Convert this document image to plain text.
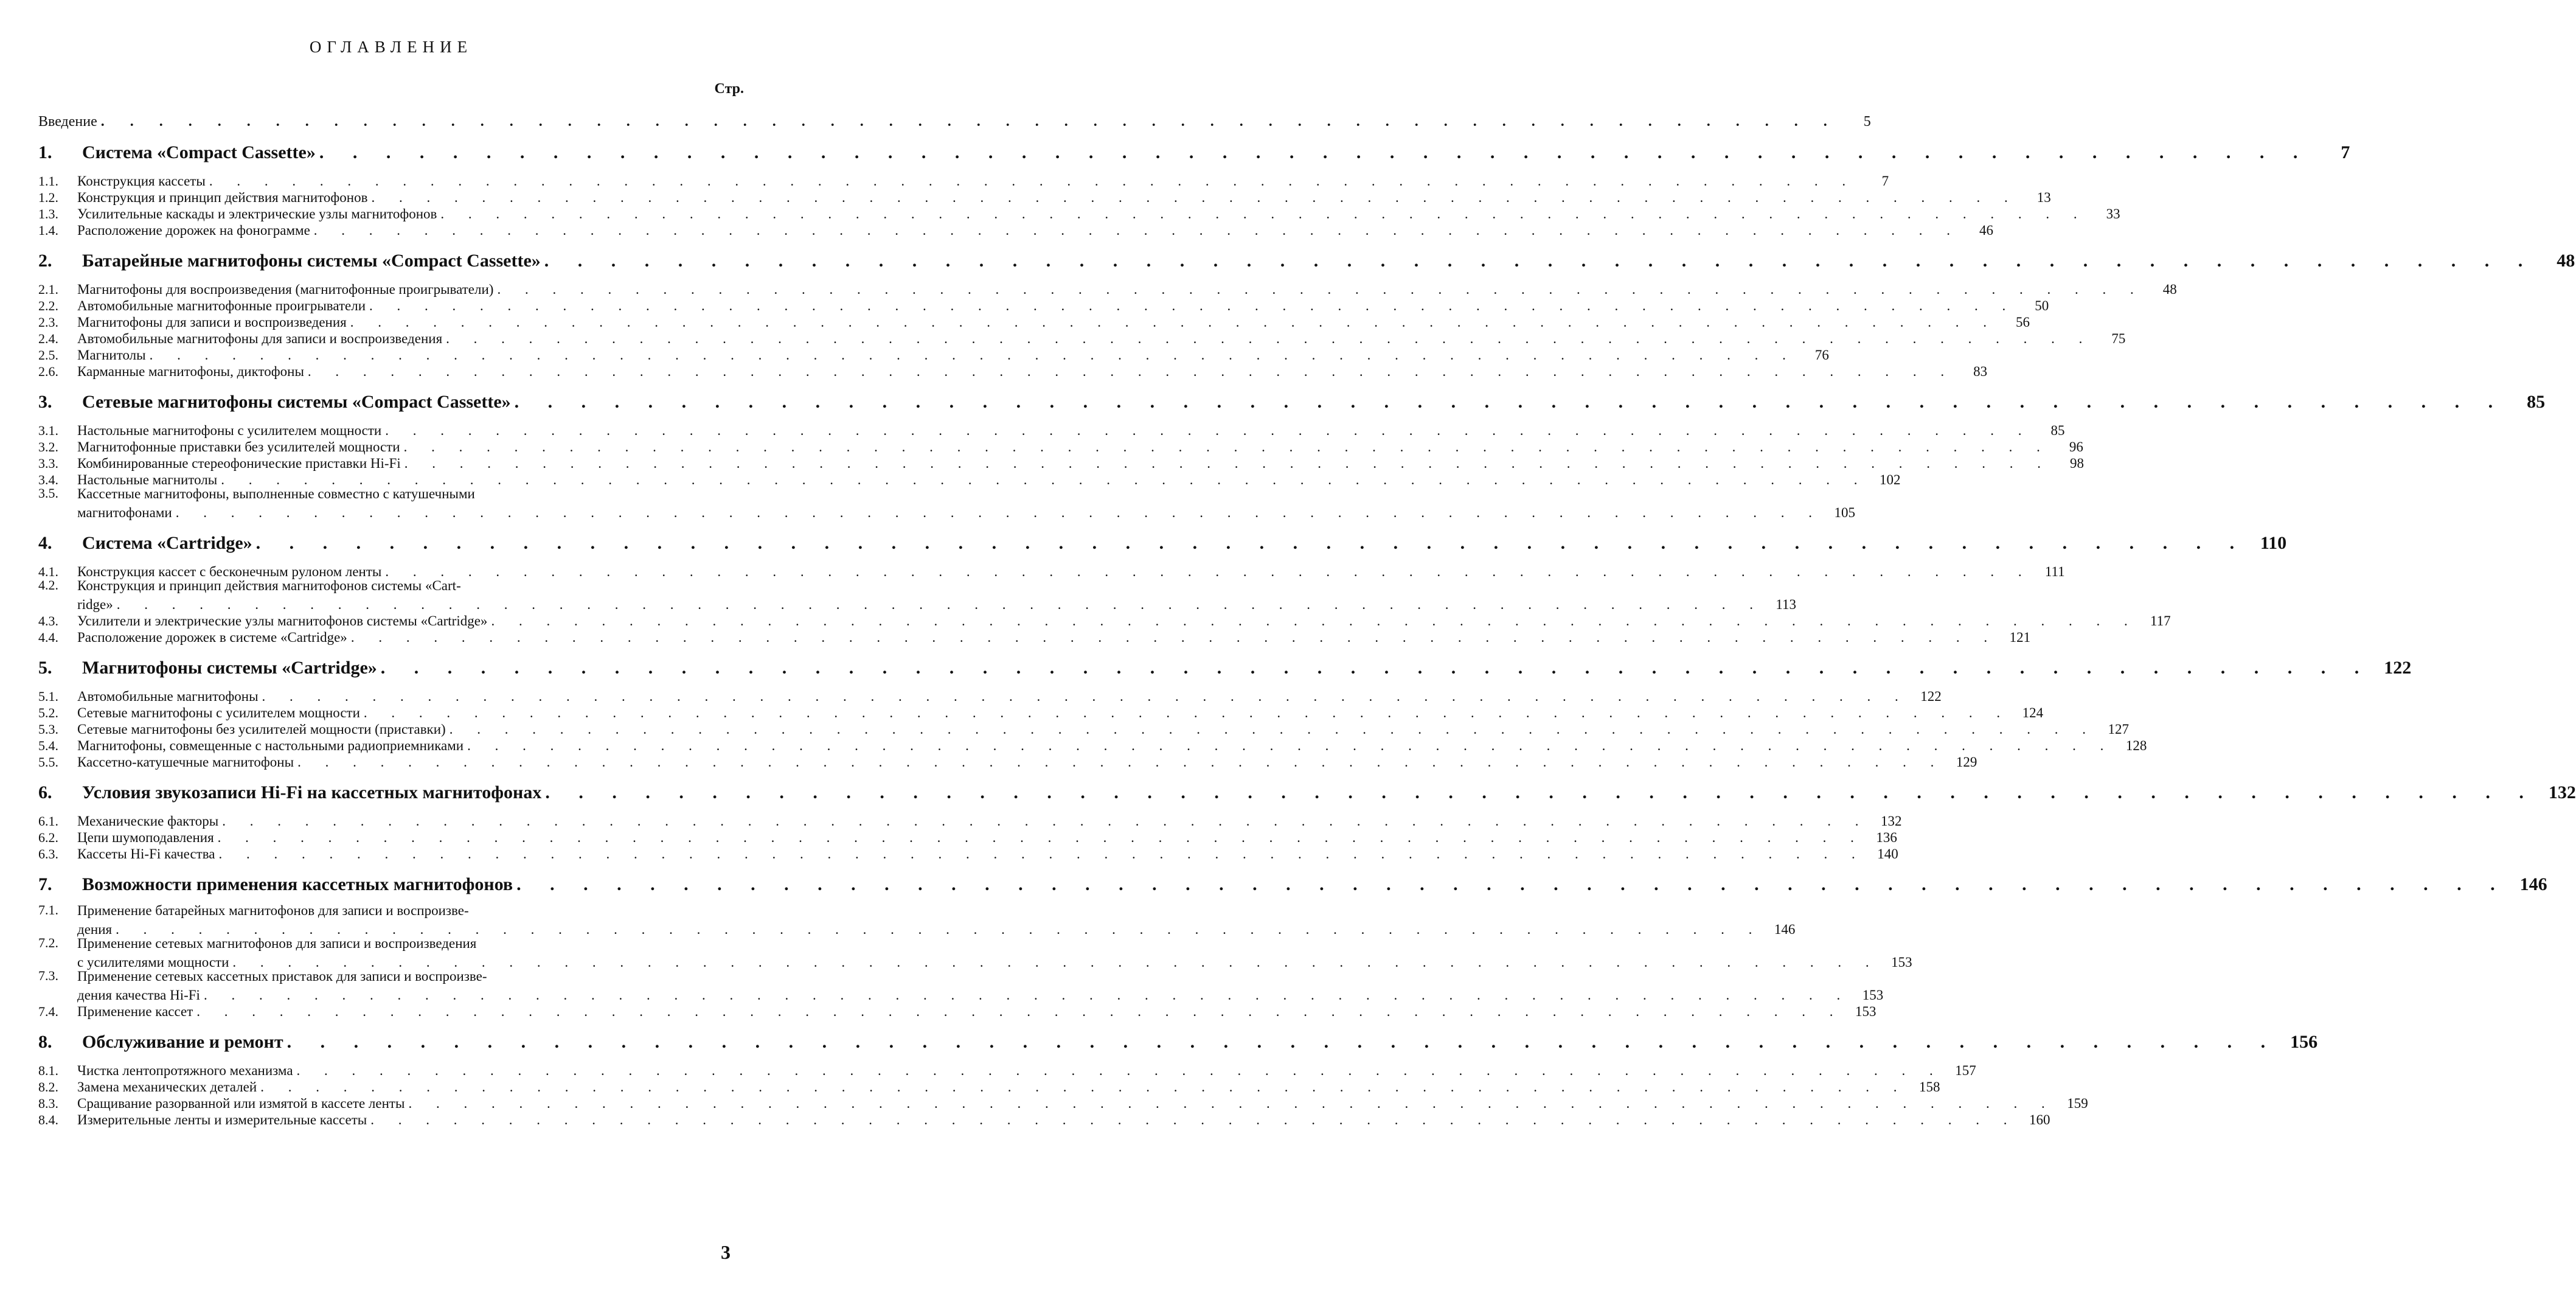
ОГЛАВЛЕНИЕ
Стр.
Введение . . . . . . . . . . . . . . . . . . . . . . . . . . . . . . . . . . . . . . . . . . . . . . . . . . . . . . . . . . . .	5
1.	Система «Compact Cassette» . . . . . . . . . . . . . . . . . . . . . . . . . . . . . . . . . . . . . . . . . . . . . . . . . . . . . . . . . . . .	7
1.1.	Конструкция кассеты . . . . . . . . . . . . . . . . . . . . . . . . . . . . . . . . . . . . . . . . . . . . . . . . . . . . . . . . . . . .	7
1.2.	Конструкция и принцип действия магнитофонов . . . . . . . . . . . . . . . . . . . . . . . . . . . . . . . . . . . . . . . . . . . . . . . . . . . . . . . . . . . .	13
1.3.	Усилительные каскады и электрические узлы магнитофонов . . . . . . . . . . . . . . . . . . . . . . . . . . . . . . . . . . . . . . . . . . . . . . . . . . . . . . . . . . . .	33
1.4.	Расположение дорожек на фонограмме . . . . . . . . . . . . . . . . . . . . . . . . . . . . . . . . . . . . . . . . . . . . . . . . . . . . . . . . . . . .	46
2.	Батарейные магнитофоны системы «Compact Cassette» . . . . . . . . . . . . . . . . . . . . . . . . . . . . . . . . . . . . . . . . . . . . . . . . . . . . . . . . . . . .	48
2.1.	Магнитофоны для воспроизведения (магнитофонные проигрыватели) . . . . . . . . . . . . . . . . . . . . . . . . . . . . . . . . . . . . . . . . . . . . . . . . . . . . . . . . . . . .	48
2.2.	Автомобильные магнитофонные проигрыватели . . . . . . . . . . . . . . . . . . . . . . . . . . . . . . . . . . . . . . . . . . . . . . . . . . . . . . . . . . . .	50
2.3.	Магнитофоны для записи и воспроизведения . . . . . . . . . . . . . . . . . . . . . . . . . . . . . . . . . . . . . . . . . . . . . . . . . . . . . . . . . . . .	56
2.4.	Автомобильные магнитофоны для записи и воспроизведения . . . . . . . . . . . . . . . . . . . . . . . . . . . . . . . . . . . . . . . . . . . . . . . . . . . . . . . . . . . .	75
2.5.	Магнитолы . . . . . . . . . . . . . . . . . . . . . . . . . . . . . . . . . . . . . . . . . . . . . . . . . . . . . . . . . . . .	76
2.6.	Карманные магнитофоны, диктофоны . . . . . . . . . . . . . . . . . . . . . . . . . . . . . . . . . . . . . . . . . . . . . . . . . . . . . . . . . . . .	83
3.	Сетевые магнитофоны системы «Compact Cassette» . . . . . . . . . . . . . . . . . . . . . . . . . . . . . . . . . . . . . . . . . . . . . . . . . . . . . . . . . . . .	85
3.1.	Настольные магнитофоны с усилителем мощности . . . . . . . . . . . . . . . . . . . . . . . . . . . . . . . . . . . . . . . . . . . . . . . . . . . . . . . . . . . .	85
3.2.	Магнитофонные приставки без усилителей мощности . . . . . . . . . . . . . . . . . . . . . . . . . . . . . . . . . . . . . . . . . . . . . . . . . . . . . . . . . . . .	96
3.3.	Комбинированные стереофонические приставки Hi-Fi . . . . . . . . . . . . . . . . . . . . . . . . . . . . . . . . . . . . . . . . . . . . . . . . . . . . . . . . . . . .	98
3.4.	Настольные магнитолы . . . . . . . . . . . . . . . . . . . . . . . . . . . . . . . . . . . . . . . . . . . . . . . . . . . . . . . . . . . . 102
3.5.	Кассетные магнитофоны, выполненные совместно с катушечными
магнитофонами . . . . . . . . . . . . . . . . . . . . . . . . . . . . . . . . . . . . . . . . . . . . . . . . . . . . . . . . . . . . 105
4.	Система «Cartridge» . . . . . . . . . . . . . . . . . . . . . . . . . . . . . . . . . . . . . . . . . . . . . . . . . . . . . . . . . . . . 110
4.1.	Конструкция кассет с бесконечным рулоном ленты . . . . . . . . . . . . . . . . . . . . . . . . . . . . . . . . . . . . . . . . . . . . . . . . . . . . . . . . . . . . 111
4.2.	Конструкция и принцип действия магнитофонов системы «Cart-
ridge» . . . . . . . . . . . . . . . . . . . . . . . . . . . . . . . . . . . . . . . . . . . . . . . . . . . . . . . . . . . . 113
4.3.	Усилители и электрические узлы магнитофонов системы «Cartridge» . . . . . . . . . . . . . . . . . . . . . . . . . . . . . . . . . . . . . . . . . . . . . . . . . . . . . . . . . . . . 117
4.4.	Расположение дорожек в системе «Cartridge» . . . . . . . . . . . . . . . . . . . . . . . . . . . . . . . . . . . . . . . . . . . . . . . . . . . . . . . . . . . . 121
5.	Магнитофоны системы «Cartridge» . . . . . . . . . . . . . . . . . . . . . . . . . . . . . . . . . . . . . . . . . . . . . . . . . . . . . . . . . . . . 122
5.1.	Автомобильные магнитофоны . . . . . . . . . . . . . . . . . . . . . . . . . . . . . . . . . . . . . . . . . . . . . . . . . . . . . . . . . . . . 122
5.2.	Сетевые магнитофоны с усилителем мощности . . . . . . . . . . . . . . . . . . . . . . . . . . . . . . . . . . . . . . . . . . . . . . . . . . . . . . . . . . . . 124
5.3.	Сетевые магнитофоны без усилителей мощности (приставки) . . . . . . . . . . . . . . . . . . . . . . . . . . . . . . . . . . . . . . . . . . . . . . . . . . . . . . . . . . . . 127
5.4.	Магнитофоны, совмещенные с настольными радиоприемниками . . . . . . . . . . . . . . . . . . . . . . . . . . . . . . . . . . . . . . . . . . . . . . . . . . . . . . . . . . . . 128
5.5.	Кассетно-катушечные магнитофоны . . . . . . . . . . . . . . . . . . . . . . . . . . . . . . . . . . . . . . . . . . . . . . . . . . . . . . . . . . . . 129
6.	Условия звукозаписи Hi-Fi на кассетных магнитофонах . . . . . . . . . . . . . . . . . . . . . . . . . . . . . . . . . . . . . . . . . . . . . . . . . . . . . . . . . . . . 132
6.1.	Механические факторы . . . . . . . . . . . . . . . . . . . . . . . . . . . . . . . . . . . . . . . . . . . . . . . . . . . . . . . . . . . . 132
6.2.	Цепи шумоподавления . . . . . . . . . . . . . . . . . . . . . . . . . . . . . . . . . . . . . . . . . . . . . . . . . . . . . . . . . . . . 136
6.3.	Кассеты Hi-Fi качества . . . . . . . . . . . . . . . . . . . . . . . . . . . . . . . . . . . . . . . . . . . . . . . . . . . . . . . . . . . . 140
7.	Возможности применения кассетных магнитофонов . . . . . . . . . . . . . . . . . . . . . . . . . . . . . . . . . . . . . . . . . . . . . . . . . . . . . . . . . . . . 146
7.1.	Применение батарейных магнитофонов для записи и воспроизве-
дения . . . . . . . . . . . . . . . . . . . . . . . . . . . . . . . . . . . . . . . . . . . . . . . . . . . . . . . . . . . . 146
7.2.	Применение сетевых магнитофонов для записи и воспроизведения
с усилителями мощности . . . . . . . . . . . . . . . . . . . . . . . . . . . . . . . . . . . . . . . . . . . . . . . . . . . . . . . . . . . . 153
7.3.	Применение сетевых кассетных приставок для записи и воспроизве-
дения качества Hi-Fi . . . . . . . . . . . . . . . . . . . . . . . . . . . . . . . . . . . . . . . . . . . . . . . . . . . . . . . . . . . . 153
7.4.	Применение кассет . . . . . . . . . . . . . . . . . . . . . . . . . . . . . . . . . . . . . . . . . . . . . . . . . . . . . . . . . . . . 153
8.	Обслуживание и ремонт . . . . . . . . . . . . . . . . . . . . . . . . . . . . . . . . . . . . . . . . . . . . . . . . . . . . . . . . . . . . 156
8.1.	Чистка лентопротяжного механизма . . . . . . . . . . . . . . . . . . . . . . . . . . . . . . . . . . . . . . . . . . . . . . . . . . . . . . . . . . . . 157
8.2.	Замена механических деталей . . . . . . . . . . . . . . . . . . . . . . . . . . . . . . . . . . . . . . . . . . . . . . . . . . . . . . . . . . . . 158
8.3.	Сращивание разорванной или измятой в кассете ленты . . . . . . . . . . . . . . . . . . . . . . . . . . . . . . . . . . . . . . . . . . . . . . . . . . . . . . . . . . . . 159
8.4.	Измерительные ленты и измерительные кассеты . . . . . . . . . . . . . . . . . . . . . . . . . . . . . . . . . . . . . . . . . . . . . . . . . . . . . . . . . . . . 160
3
